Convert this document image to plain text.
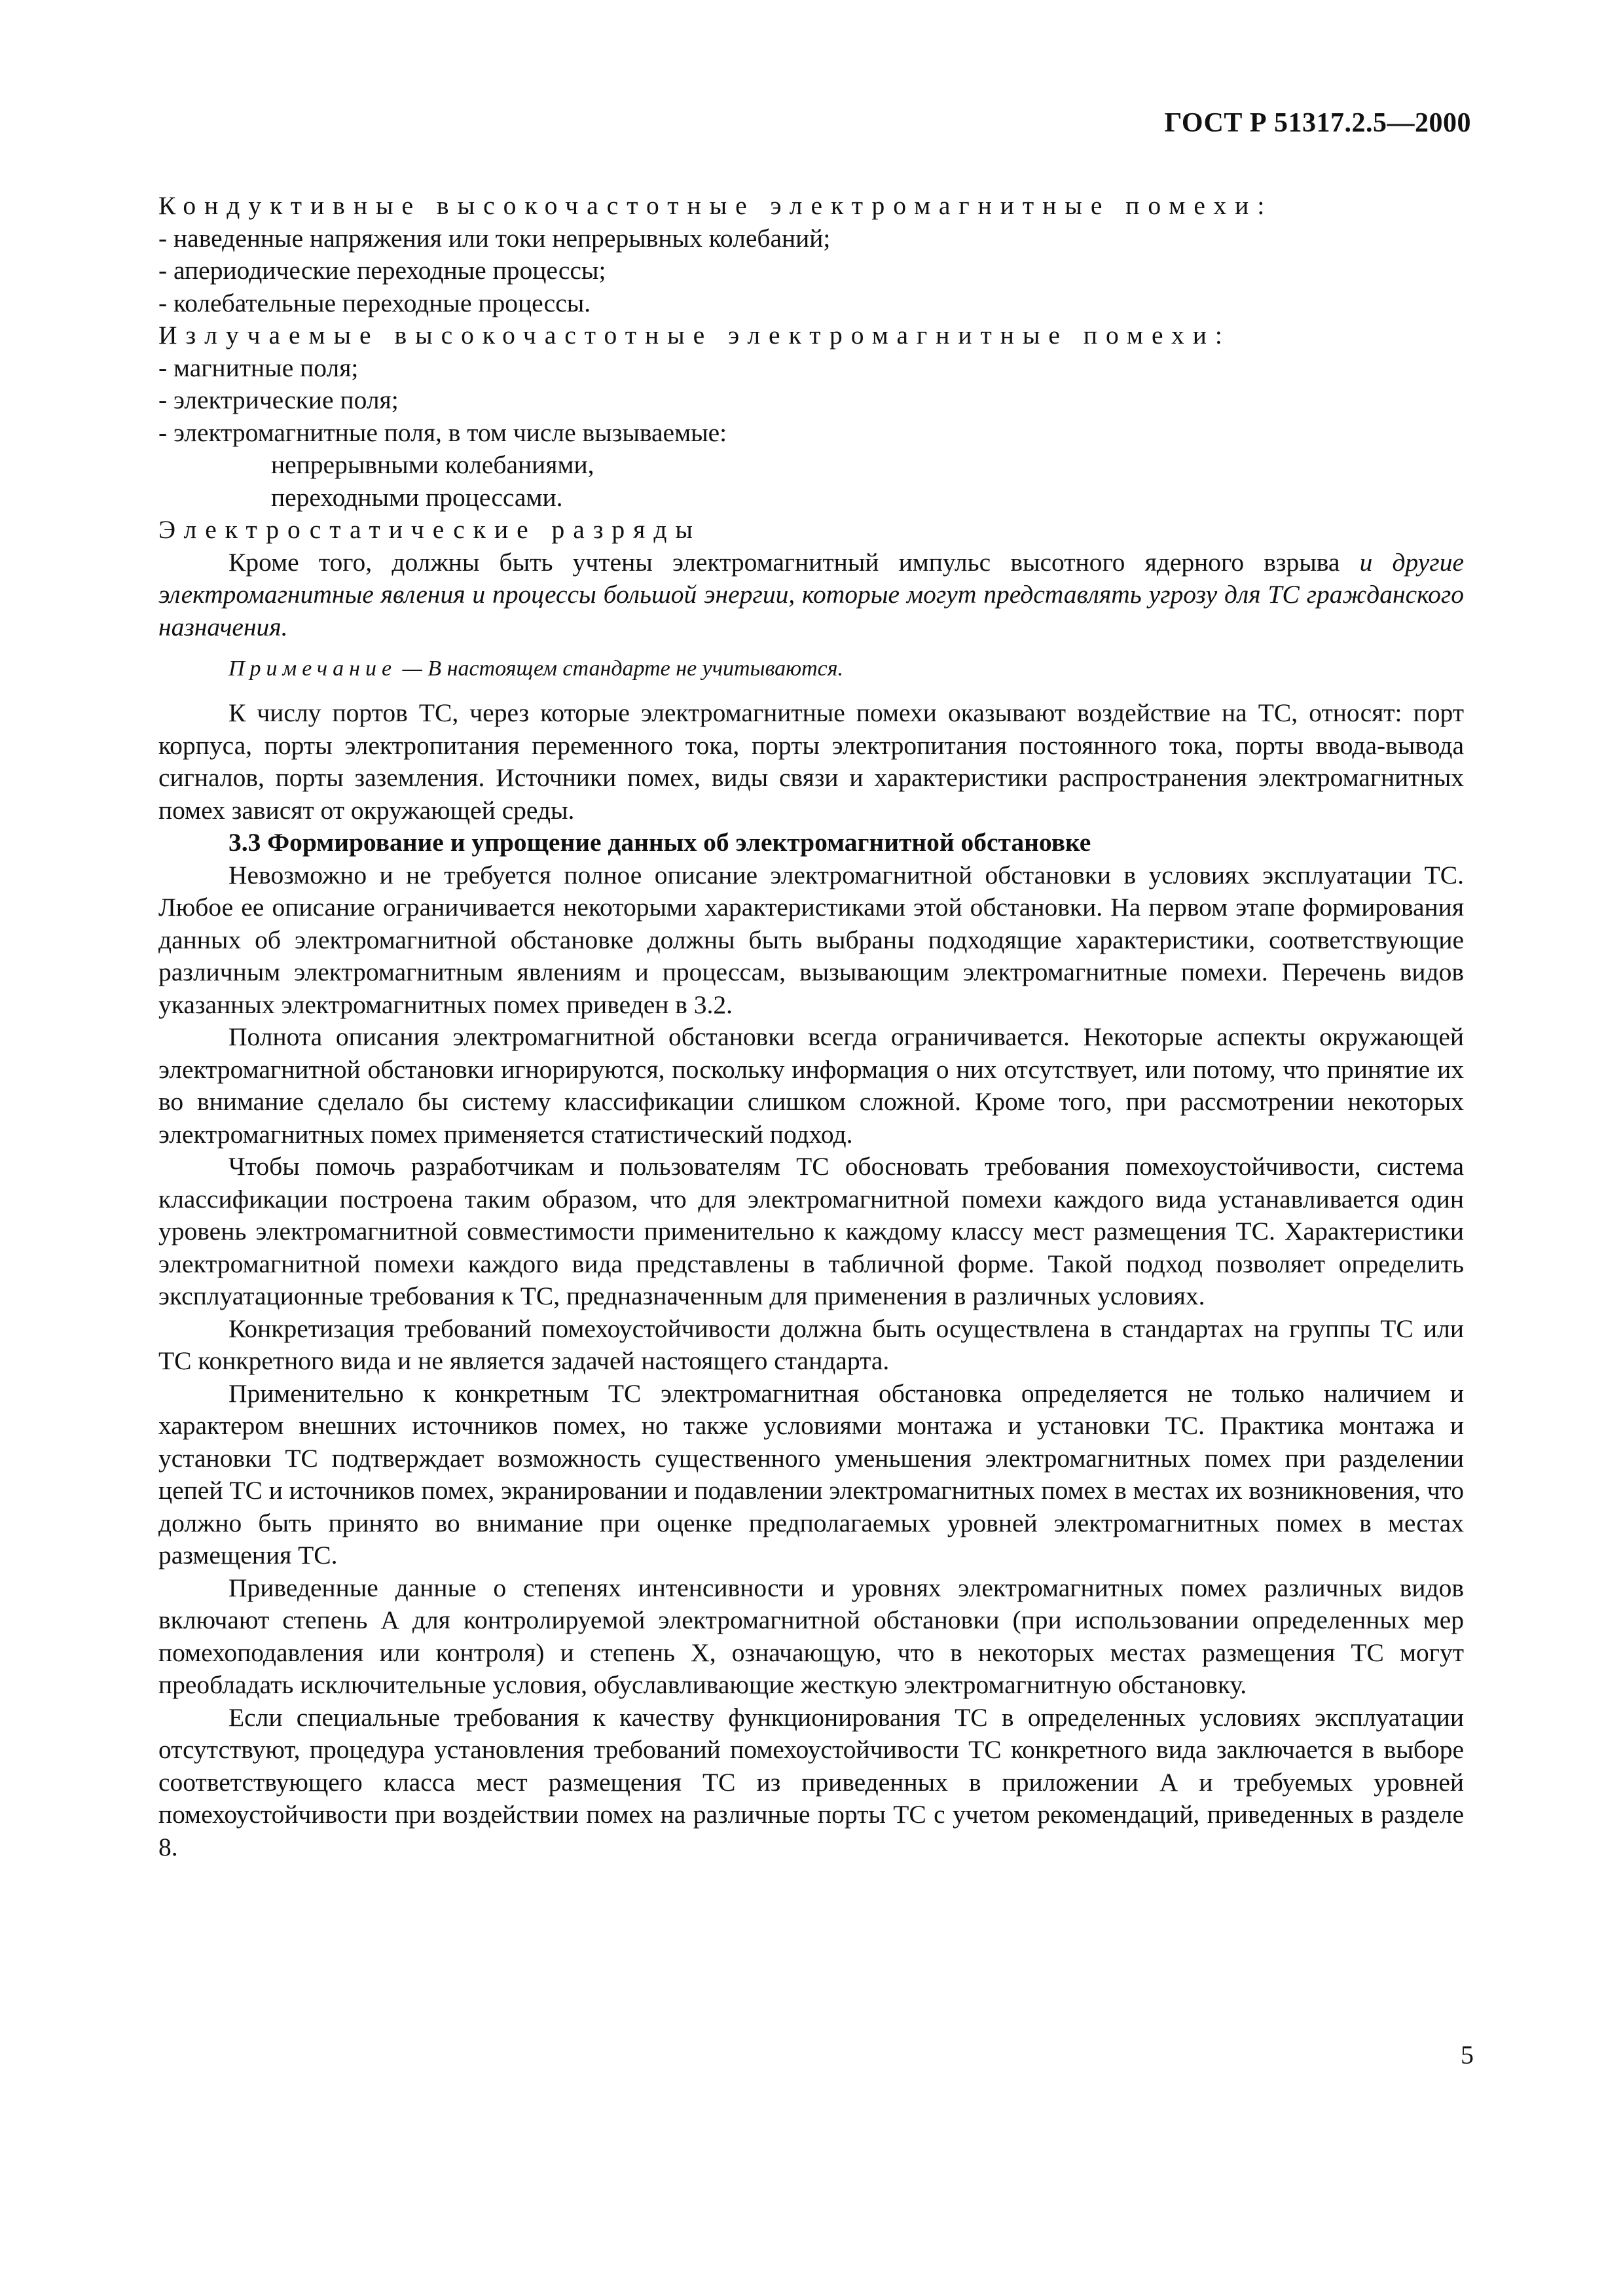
ГОСТ Р 51317.2.5—2000

Кондуктивные высокочастотные электромагнитные помехи:

- наведенные напряжения или токи непрерывных колебаний;

- апериодические переходные процессы;

- колебательные переходные процессы.

Излучаемые высокочастотные электромагнитные помехи:

- магнитные поля;

- электрические поля;

- электромагнитные поля, в том числе вызываемые:

непрерывными колебаниями,

переходными процессами.

Электростатические разряды

Кроме того, должны быть учтены электромагнитный импульс высотного ядерного взрыва и другие электромагнитные явления и процессы большой энергии, которые могут представлять угрозу для ТС гражданского назначения.

Примечание — В настоящем стандарте не учитываются.

К числу портов ТС, через которые электромагнитные помехи оказывают воздействие на ТС, относят: порт корпуса, порты электропитания переменного тока, порты электропитания постоянного тока, порты ввода-вывода сигналов, порты заземления. Источники помех, виды связи и характеристики распространения электромагнитных помех зависят от окружающей среды.

3.3 Формирование и упрощение данных об электромагнитной обстановке

Невозможно и не требуется полное описание электромагнитной обстановки в условиях эксплуатации ТС. Любое ее описание ограничивается некоторыми характеристиками этой обстановки. На первом этапе формирования данных об электромагнитной обстановке должны быть выбраны подходящие характеристики, соответствующие различным электромагнитным явлениям и процессам, вызывающим электромагнитные помехи. Перечень видов указанных электромагнитных помех приведен в 3.2.

Полнота описания электромагнитной обстановки всегда ограничивается. Некоторые аспекты окружающей электромагнитной обстановки игнорируются, поскольку информация о них отсутствует, или потому, что принятие их во внимание сделало бы систему классификации слишком сложной. Кроме того, при рассмотрении некоторых электромагнитных помех применяется статистический подход.

Чтобы помочь разработчикам и пользователям ТС обосновать требования помехоустойчивости, система классификации построена таким образом, что для электромагнитной помехи каждого вида устанавливается один уровень электромагнитной совместимости применительно к каждому классу мест размещения ТС. Характеристики электромагнитной помехи каждого вида представлены в табличной форме. Такой подход позволяет определить эксплуатационные требования к ТС, предназначенным для применения в различных условиях.

Конкретизация требований помехоустойчивости должна быть осуществлена в стандартах на группы ТС или ТС конкретного вида и не является задачей настоящего стандарта.

Применительно к конкретным ТС электромагнитная обстановка определяется не только наличием и характером внешних источников помех, но также условиями монтажа и установки ТС. Практика монтажа и установки ТС подтверждает возможность существенного уменьшения электромагнитных помех при разделении цепей ТС и источников помех, экранировании и подавлении электромагнитных помех в местах их возникновения, что должно быть принято во внимание при оценке предполагаемых уровней электромагнитных помех в местах размещения ТС.

Приведенные данные о степенях интенсивности и уровнях электромагнитных помех различных видов включают степень А для контролируемой электромагнитной обстановки (при использовании определенных мер помехоподавления или контроля) и степень X, означающую, что в некоторых местах размещения ТС могут преобладать исключительные условия, обуславливающие жесткую электромагнитную обстановку.

Если специальные требования к качеству функционирования ТС в определенных условиях эксплуатации отсутствуют, процедура установления требований помехоустойчивости ТС конкретного вида заключается в выборе соответствующего класса мест размещения ТС из приведенных в приложении А и требуемых уровней помехоустойчивости при воздействии помех на различные порты ТС с учетом рекомендаций, приведенных в разделе 8.

5
